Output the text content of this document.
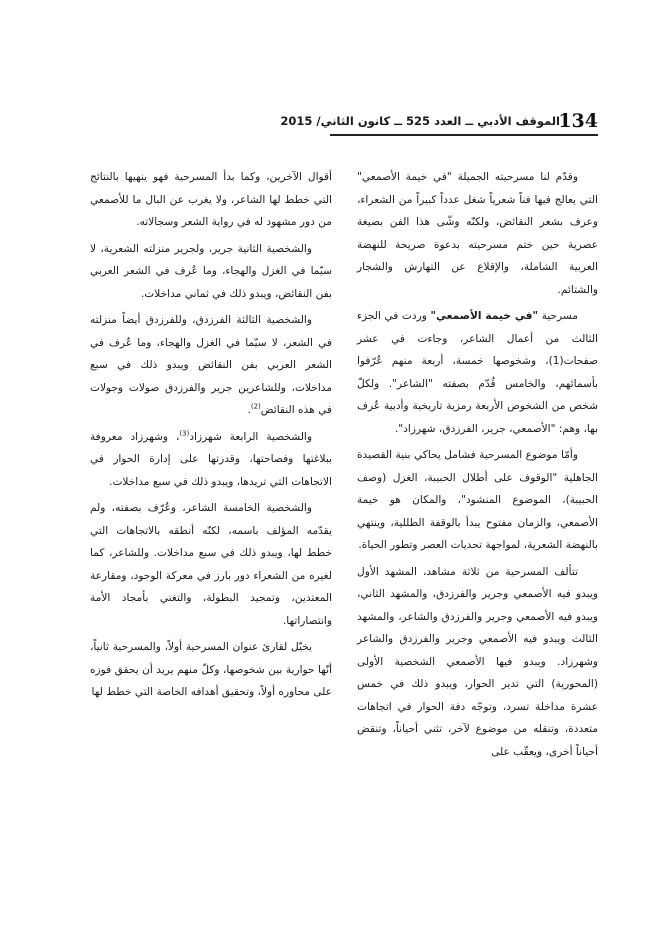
134
الموقف الأدبي ــ العدد 525 ــ كانون الثاني/ 2015

وقدّم لنا مسرحيته الجميلة "في خيمة الأصمعي" التي يعالج فيها فناً شعرياً شغل عدداً كبيراً من الشعراء، وعرف بشعر النقائض، ولكنّه وشّى هذا الفن بصيغة عصرية حين ختم مسرحيته بدعوة صريحة للنهضة العربية الشاملة، والإقلاع عن التهارش والشجار والشتائم.

مسرحية "في خيمة الأصمعي" وردت في الجزء الثالث من أعمال الشاعر، وجاءت في عشر صفحات(1)، وشخوصها خمسة، أربعة منهم عُرّفوا بأسمائهم، والخامس قُدّم بصفته "الشاعر". ولكلّ شخص من الشخوص الأربعة رمزية تاريخية وأدبية عُرف بها، وهم: "الأصمعي، جرير، الفرزدق، شهرزاد".

وأمّا موضوع المسرحية فشامل يحاكي بنية القصيدة الجاهلية "الوقوف على أطلال الحبيبة، الغزل (وصف الحبيبة)، الموضوع المنشود"، والمكان هو خيمة الأصمعي، والزمان مفتوح يبدأ بالوقفة الطللية، وينتهي بالنهضة الشعرية، لمواجهة تحديات العصر وتطور الحياة.

تتألف المسرحية من ثلاثة مشاهد، المشهد الأول ويبدو فيه الأصمعي وجرير والفرزدق، والمشهد الثاني، ويبدو فيه الأصمعي وجرير والفرزدق والشاعر، والمشهد الثالث ويبدو فيه الأصمعي وجرير والفرزدق والشاعر وشهرزاد. ويبدو فيها الأصمعي الشخصية الأولى (المحورية) التي تدير الحوار، ويبدو ذلك في خمس عشرة مداخلة تسرد، وتوجّه دفة الحوار في اتجاهات متعددة، وتنقله من موضوع لآخر، تثني أحياناً، وتنقض أحياناً أخرى، ويعقّب على

أقوال الآخرين، وكما بدأ المسرحية فهو ينهيها بالنتائج التي خطط لها الشاعر، ولا يغرب عن البال ما للأصمعي من دور مشهود له في رواية الشعر وسجالاته.

والشخصية الثانية جرير، ولجرير منزلته الشعرية، لا سيّما في الغزل والهجاء، وما عُرف في الشعر العربي بفن النقائض، ويبدو ذلك في ثماني مداخلات.

والشخصية الثالثة الفرزدق، وللفرزدق أيضاً منزلته في الشعر، لا سيّما في الغزل والهجاء، وما عُرف في الشعر العربي بفن النقائض ويبدو ذلك في سبع مداخلات، وللشاعرين جرير والفرزدق صولات وجولات في هذه النقائض$^{(2)}$.

والشخصية الرابعة شهرزاد$^{(3)}$، وشهرزاد معروفة ببلاغتها وفصاحتها، وقدرتها على إدارة الحوار في الاتجاهات التي تريدها، ويبدو ذلك في سبع مداخلات.

والشخصية الخامسة الشاعر، وعُرّف بصفته، ولم يقدّمه المؤلف باسمه، لكنّه أنطقه بالاتجاهات التي خطط لها، ويبدو ذلك في سبع مداخلات. وللشاعر، كما لغيره من الشعراء دور بارز في معركة الوجود، ومقارعة المعتدين، وتمجيد البطولة، والتغني بأمجاد الأمة وانتصاراتها.

يخيّل لقارئ عنوان المسرحية أولاً، والمسرحية ثانياً، أنّها حوارية بين شخوصها، وكلّ منهم يريد أن يحقق فوزه على محاوره أولاً، وتحقيق أهدافه الخاصة التي خطط لها
